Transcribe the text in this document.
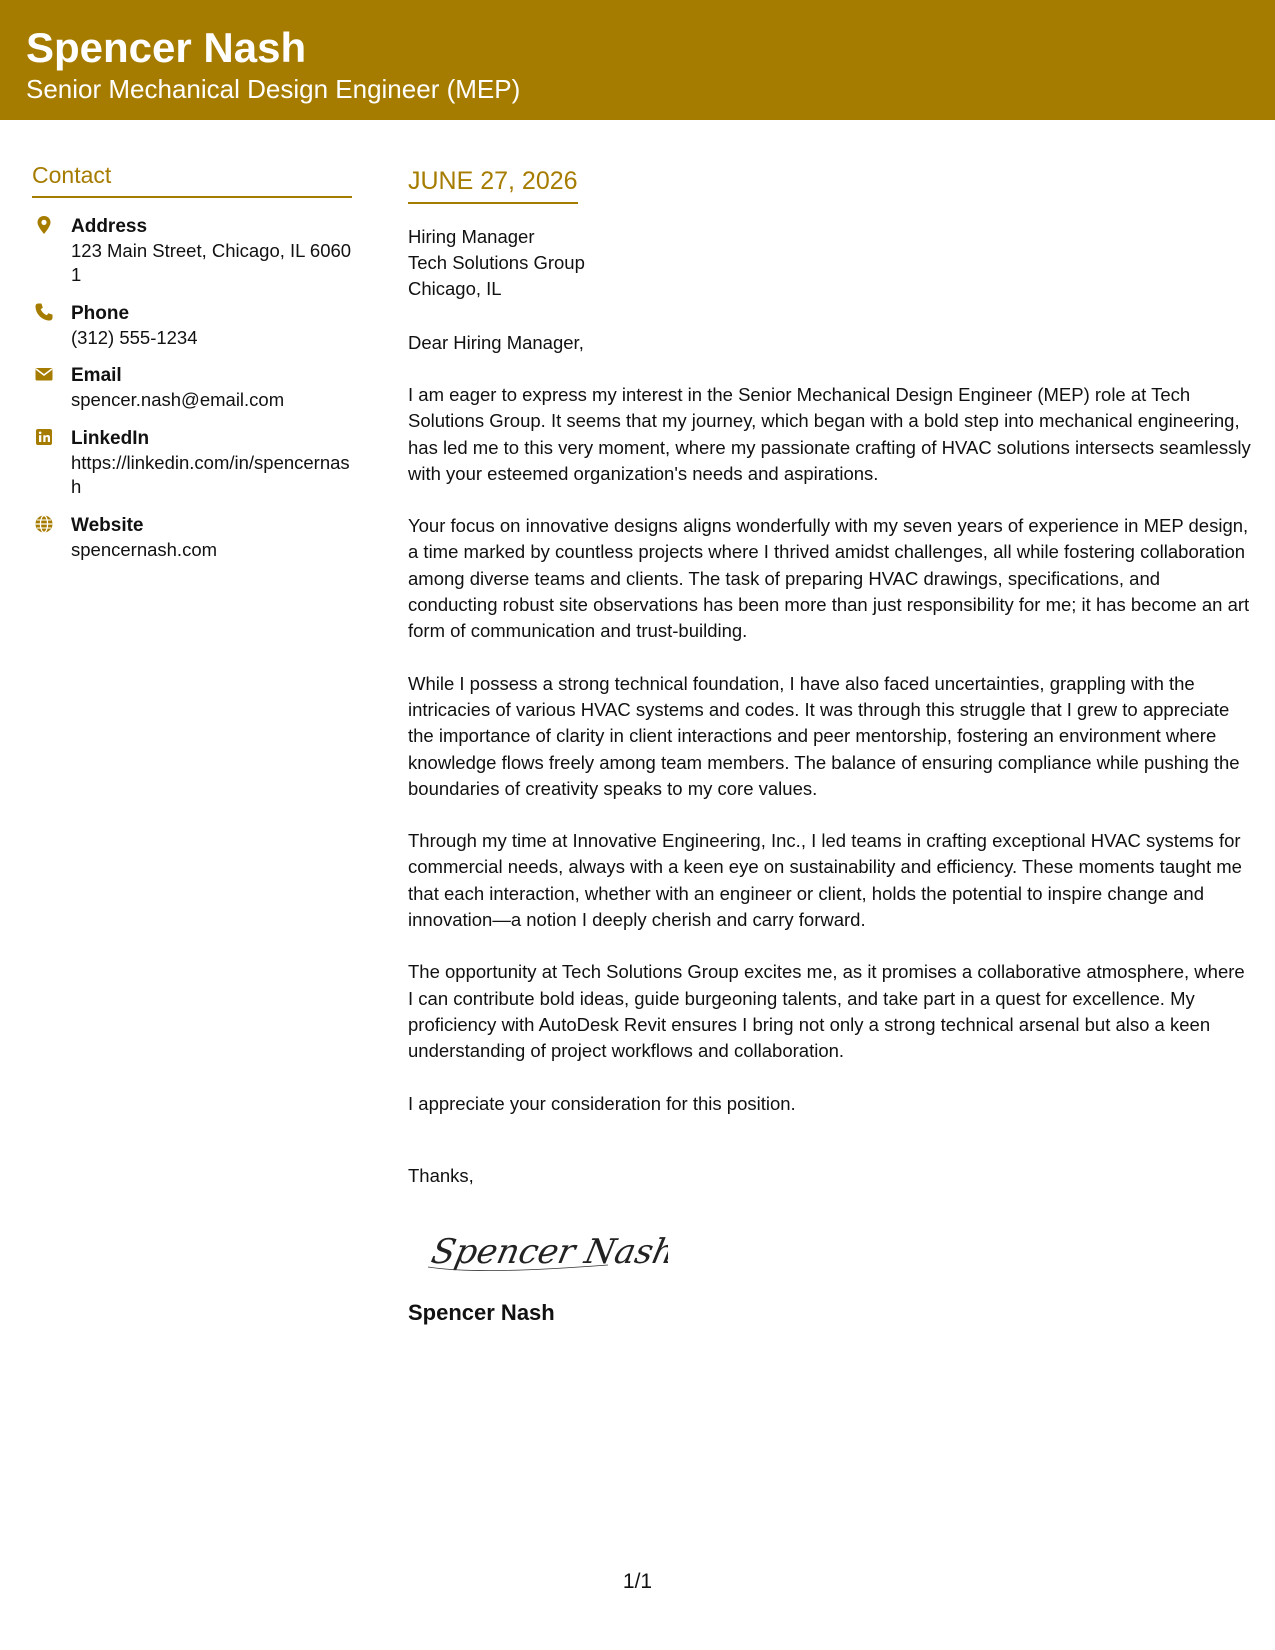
Spencer Nash
Senior Mechanical Design Engineer (MEP)
Contact
Address
123 Main Street, Chicago, IL 60601
Phone
(312) 555-1234
Email
spencer.nash@email.com
LinkedIn
https://linkedin.com/in/spencernash
Website
spencernash.com
JUNE 27, 2026
Hiring Manager
Tech Solutions Group
Chicago, IL
Dear Hiring Manager,
I am eager to express my interest in the Senior Mechanical Design Engineer (MEP) role at Tech Solutions Group. It seems that my journey, which began with a bold step into mechanical engineering, has led me to this very moment, where my passionate crafting of HVAC solutions intersects seamlessly with your esteemed organization's needs and aspirations.
Your focus on innovative designs aligns wonderfully with my seven years of experience in MEP design, a time marked by countless projects where I thrived amidst challenges, all while fostering collaboration among diverse teams and clients. The task of preparing HVAC drawings, specifications, and conducting robust site observations has been more than just responsibility for me; it has become an art form of communication and trust-building.
While I possess a strong technical foundation, I have also faced uncertainties, grappling with the intricacies of various HVAC systems and codes. It was through this struggle that I grew to appreciate the importance of clarity in client interactions and peer mentorship, fostering an environment where knowledge flows freely among team members. The balance of ensuring compliance while pushing the boundaries of creativity speaks to my core values.
Through my time at Innovative Engineering, Inc., I led teams in crafting exceptional HVAC systems for commercial needs, always with a keen eye on sustainability and efficiency. These moments taught me that each interaction, whether with an engineer or client, holds the potential to inspire change and innovation—a notion I deeply cherish and carry forward.
The opportunity at Tech Solutions Group excites me, as it promises a collaborative atmosphere, where I can contribute bold ideas, guide burgeoning talents, and take part in a quest for excellence. My proficiency with AutoDesk Revit ensures I bring not only a strong technical arsenal but also a keen understanding of project workflows and collaboration.
I appreciate your consideration for this position.
Thanks,
Spencer Nash
Spencer Nash
1/1
